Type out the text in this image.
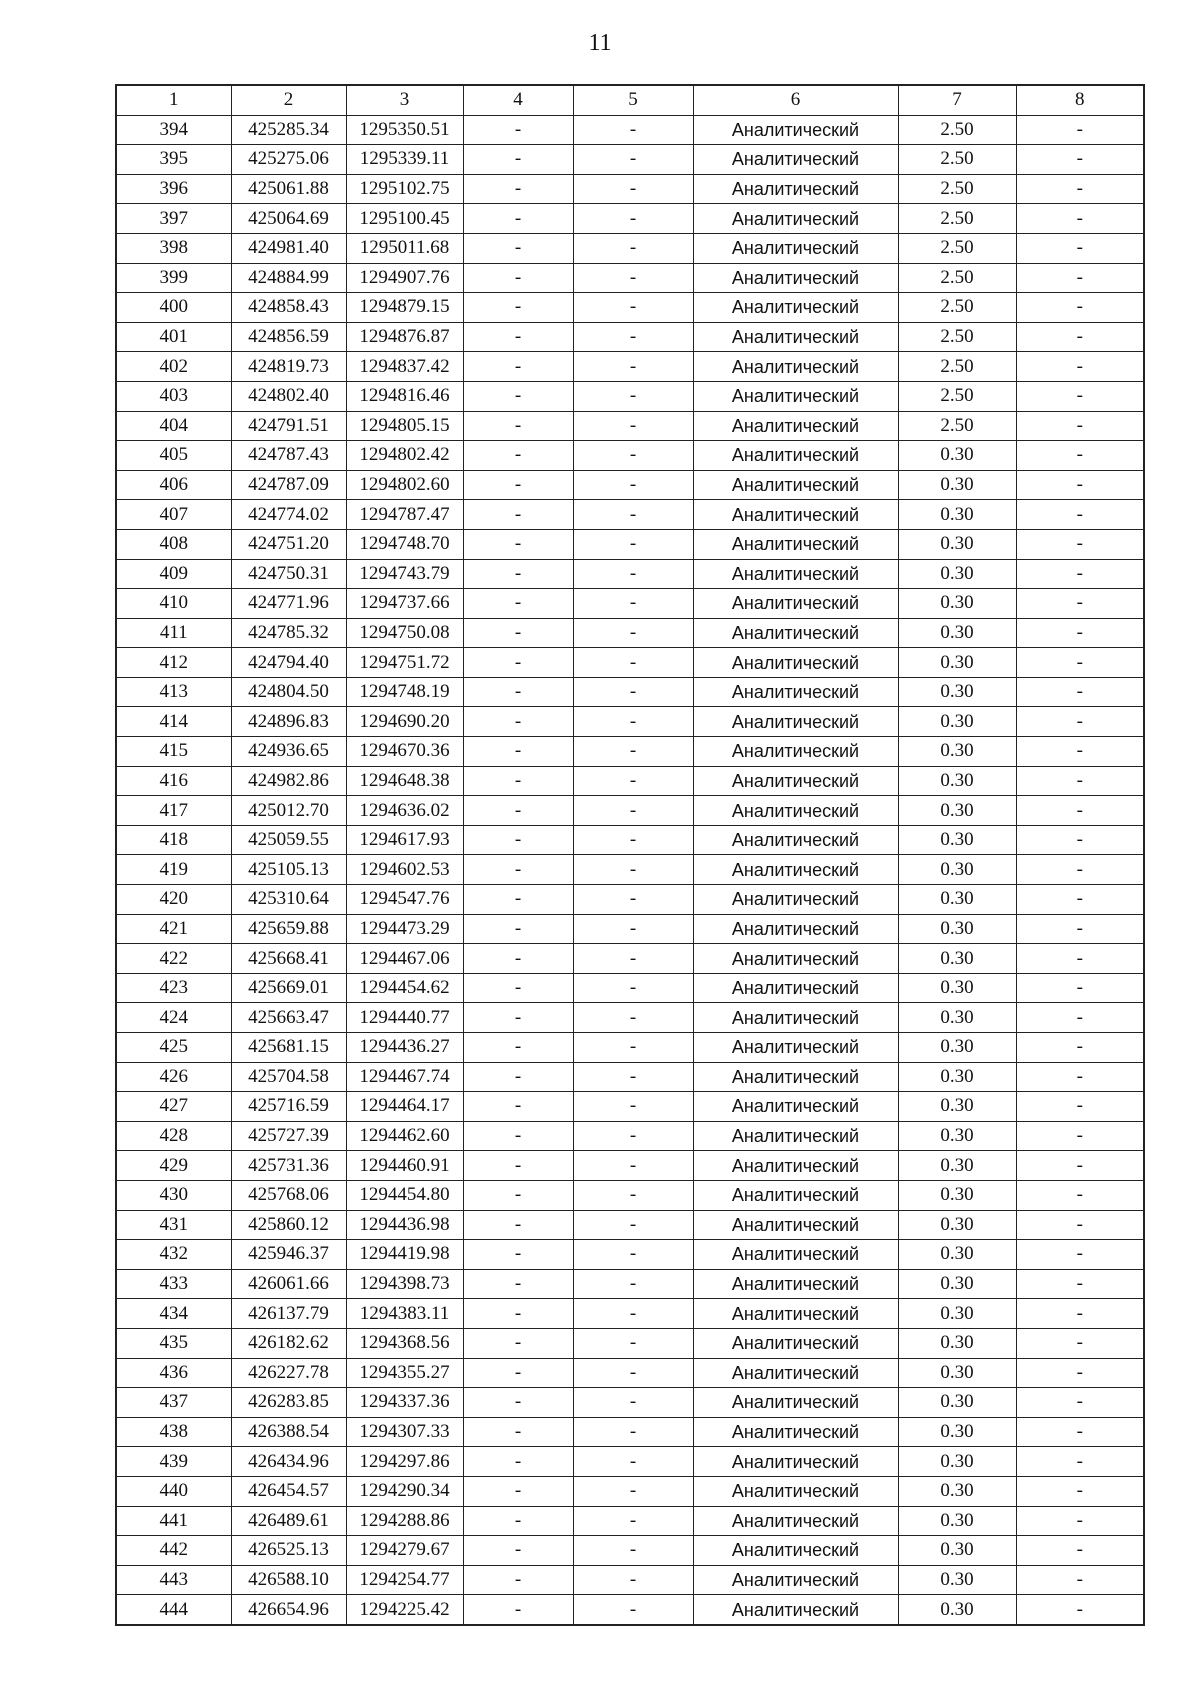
11
1	2	3	4	5	6	7	8
394	425285.34	1295350.51	-	-	Аналитический	2.50	-
395	425275.06	1295339.11	-	-	Аналитический	2.50	-
396	425061.88	1295102.75	-	-	Аналитический	2.50	-
397	425064.69	1295100.45	-	-	Аналитический	2.50	-
398	424981.40	1295011.68	-	-	Аналитический	2.50	-
399	424884.99	1294907.76	-	-	Аналитический	2.50	-
400	424858.43	1294879.15	-	-	Аналитический	2.50	-
401	424856.59	1294876.87	-	-	Аналитический	2.50	-
402	424819.73	1294837.42	-	-	Аналитический	2.50	-
403	424802.40	1294816.46	-	-	Аналитический	2.50	-
404	424791.51	1294805.15	-	-	Аналитический	2.50	-
405	424787.43	1294802.42	-	-	Аналитический	0.30	-
406	424787.09	1294802.60	-	-	Аналитический	0.30	-
407	424774.02	1294787.47	-	-	Аналитический	0.30	-
408	424751.20	1294748.70	-	-	Аналитический	0.30	-
409	424750.31	1294743.79	-	-	Аналитический	0.30	-
410	424771.96	1294737.66	-	-	Аналитический	0.30	-
411	424785.32	1294750.08	-	-	Аналитический	0.30	-
412	424794.40	1294751.72	-	-	Аналитический	0.30	-
413	424804.50	1294748.19	-	-	Аналитический	0.30	-
414	424896.83	1294690.20	-	-	Аналитический	0.30	-
415	424936.65	1294670.36	-	-	Аналитический	0.30	-
416	424982.86	1294648.38	-	-	Аналитический	0.30	-
417	425012.70	1294636.02	-	-	Аналитический	0.30	-
418	425059.55	1294617.93	-	-	Аналитический	0.30	-
419	425105.13	1294602.53	-	-	Аналитический	0.30	-
420	425310.64	1294547.76	-	-	Аналитический	0.30	-
421	425659.88	1294473.29	-	-	Аналитический	0.30	-
422	425668.41	1294467.06	-	-	Аналитический	0.30	-
423	425669.01	1294454.62	-	-	Аналитический	0.30	-
424	425663.47	1294440.77	-	-	Аналитический	0.30	-
425	425681.15	1294436.27	-	-	Аналитический	0.30	-
426	425704.58	1294467.74	-	-	Аналитический	0.30	-
427	425716.59	1294464.17	-	-	Аналитический	0.30	-
428	425727.39	1294462.60	-	-	Аналитический	0.30	-
429	425731.36	1294460.91	-	-	Аналитический	0.30	-
430	425768.06	1294454.80	-	-	Аналитический	0.30	-
431	425860.12	1294436.98	-	-	Аналитический	0.30	-
432	425946.37	1294419.98	-	-	Аналитический	0.30	-
433	426061.66	1294398.73	-	-	Аналитический	0.30	-
434	426137.79	1294383.11	-	-	Аналитический	0.30	-
435	426182.62	1294368.56	-	-	Аналитический	0.30	-
436	426227.78	1294355.27	-	-	Аналитический	0.30	-
437	426283.85	1294337.36	-	-	Аналитический	0.30	-
438	426388.54	1294307.33	-	-	Аналитический	0.30	-
439	426434.96	1294297.86	-	-	Аналитический	0.30	-
440	426454.57	1294290.34	-	-	Аналитический	0.30	-
441	426489.61	1294288.86	-	-	Аналитический	0.30	-
442	426525.13	1294279.67	-	-	Аналитический	0.30	-
443	426588.10	1294254.77	-	-	Аналитический	0.30	-
444	426654.96	1294225.42	-	-	Аналитический	0.30	-
